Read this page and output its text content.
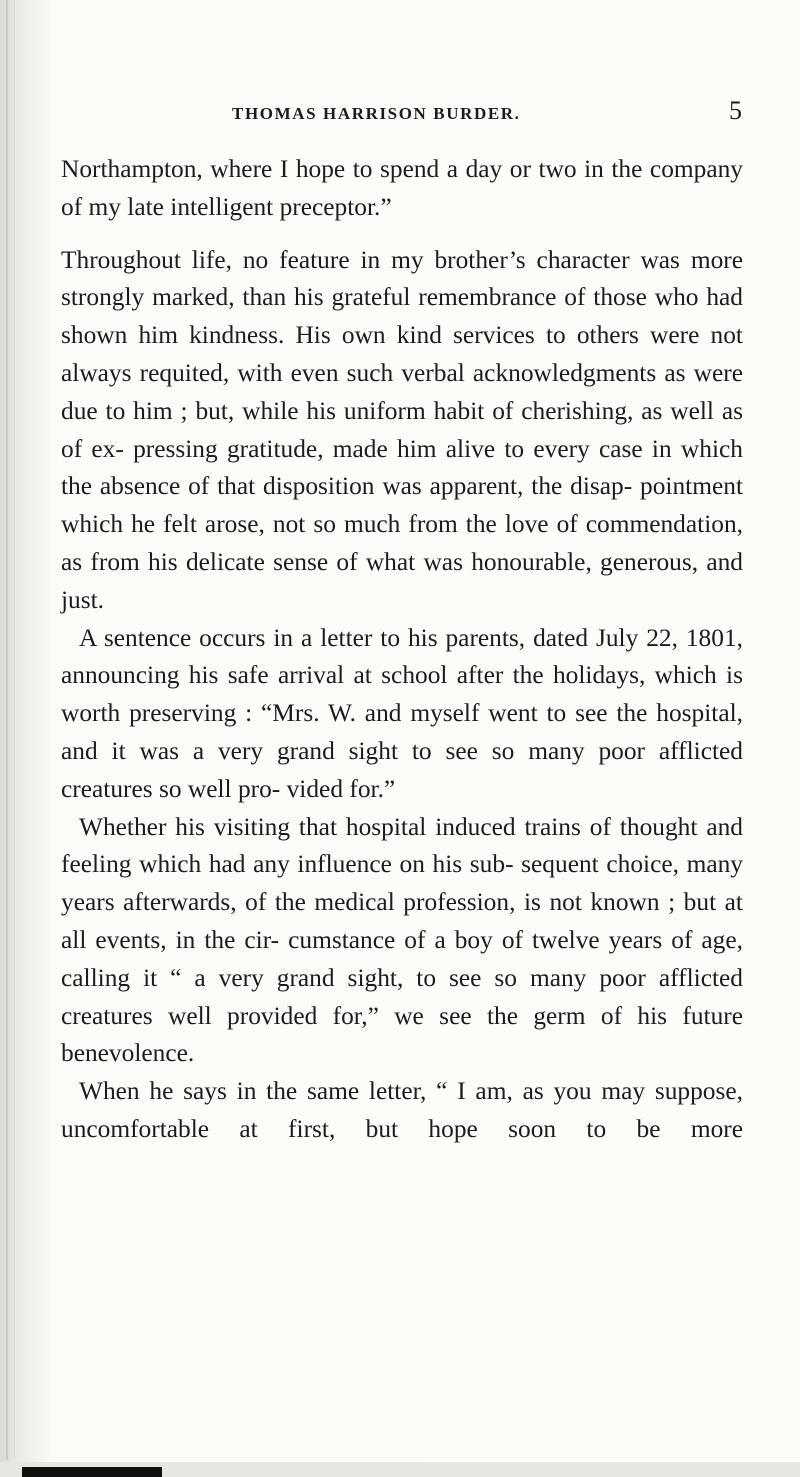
THOMAS HARRISON BURDER.	5

Northampton, where I hope to spend a day or two in the company of my late intelligent preceptor.”

Throughout life, no feature in my brother’s character was more strongly marked, than his grateful remembrance of those who had shown him kindness. His own kind services to others were not always requited, with even such verbal acknowledgments as were due to him ; but, while his uniform habit of cherishing, as well as of ex- pressing gratitude, made him alive to every case in which the absence of that disposition was apparent, the disap- pointment which he felt arose, not so much from the love of commendation, as from his delicate sense of what was honourable, generous, and just.

A sentence occurs in a letter to his parents, dated July 22, 1801, announcing his safe arrival at school after the holidays, which is worth preserving : “Mrs. W. and myself went to see the hospital, and it was a very grand sight to see so many poor afflicted creatures so well pro- vided for.”

Whether his visiting that hospital induced trains of thought and feeling which had any influence on his sub- sequent choice, many years afterwards, of the medical profession, is not known ; but at all events, in the cir- cumstance of a boy of twelve years of age, calling it “ a very grand sight, to see so many poor afflicted creatures well provided for,” we see the germ of his future benevolence.

When he says in the same letter, “ I am, as you may suppose, uncomfortable at first, but hope soon to be more
